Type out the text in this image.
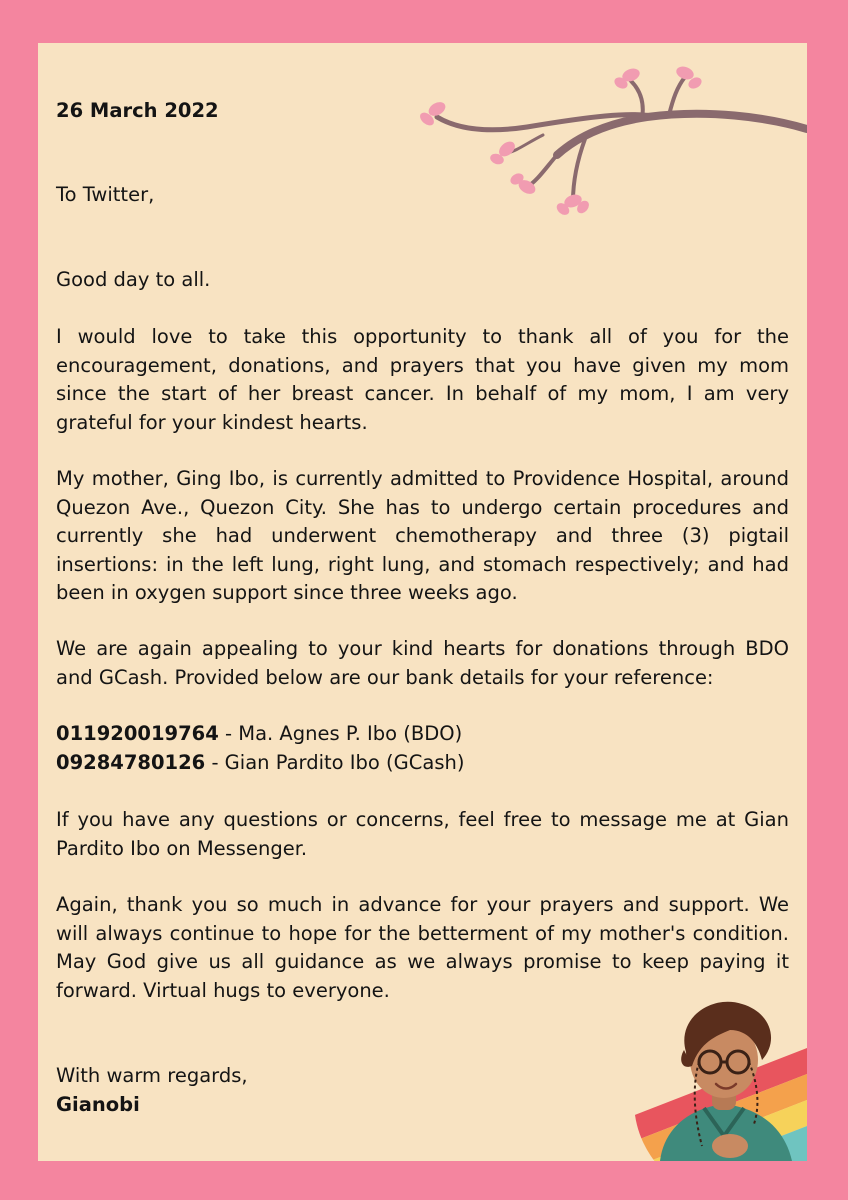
26 March 2022

To Twitter,

Good day to all.

I would love to take this opportunity to thank all of you for the encouragement, donations, and prayers that you have given my mom since the start of her breast cancer. In behalf of my mom, I am very grateful for your kindest hearts.

My mother, Ging Ibo, is currently admitted to Providence Hospital, around Quezon Ave., Quezon City. She has to undergo certain procedures and currently she had underwent chemotherapy and three (3) pigtail insertions: in the left lung, right lung, and stomach respectively; and had been in oxygen support since three weeks ago.

We are again appealing to your kind hearts for donations through BDO and GCash. Provided below are our bank details for your reference:

011920019764 - Ma. Agnes P. Ibo (BDO)
09284780126 - Gian Pardito Ibo (GCash)

If you have any questions or concerns, feel free to message me at Gian Pardito Ibo on Messenger.

Again, thank you so much in advance for your prayers and support. We will always continue to hope for the betterment of my mother's condition. May God give us all guidance as we always promise to keep paying it forward. Virtual hugs to everyone.

With warm regards,
Gianobi
